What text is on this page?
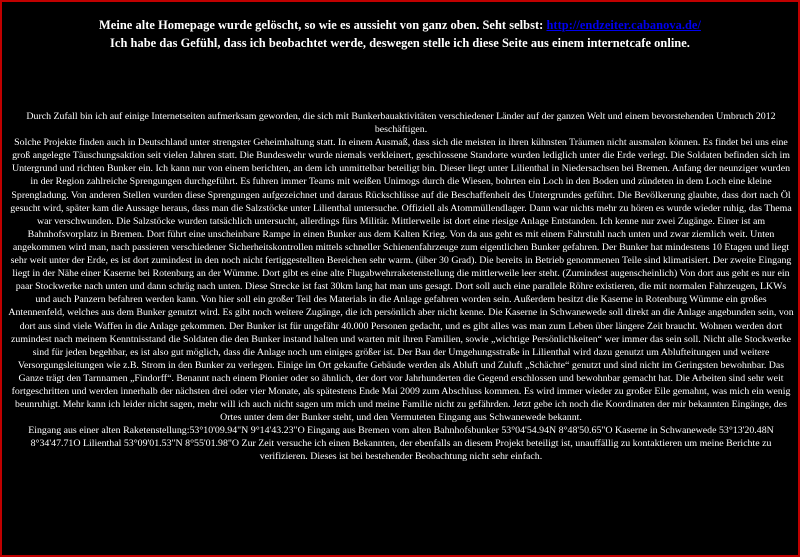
Meine alte Homepage wurde gelöscht, so wie es aussieht von ganz oben. Seht selbst: http://endzeiter.cabanova.de/
Ich habe das Gefühl, dass ich beobachtet werde, deswegen stelle ich diese Seite aus einem internetcafe online.

Durch Zufall bin ich auf einige Internetseiten aufmerksam geworden, die sich mit Bunkerbauaktivitäten verschiedener Länder auf der ganzen Welt und einem bevorstehenden Umbruch 2012 beschäftigen.

Solche Projekte finden auch in Deutschland unter strengster Geheimhaltung statt. In einem Ausmaß, dass sich die meisten in ihren kühnsten Träumen nicht ausmalen können. Es findet bei uns eine groß angelegte Täuschungsaktion seit vielen Jahren statt. Die Bundeswehr wurde niemals verkleinert, geschlossene Standorte wurden lediglich unter die Erde verlegt. Die Soldaten befinden sich im Untergrund und richten Bunker ein. Ich kann nur von einem berichten, an dem ich unmittelbar beteiligt bin. Dieser liegt unter Lilienthal in Niedersachsen bei Bremen. Anfang der neunziger wurden in der Region zahlreiche Sprengungen durchgeführt. Es fuhren immer Teams mit weißen Unimogs durch die Wiesen, bohrten ein Loch in den Boden und zündeten in dem Loch eine kleine Sprengladung. Von anderen Stellen wurden diese Sprengungen aufgezeichnet und daraus Rückschlüsse auf die Beschaffenheit des Untergrundes geführt. Die Bevölkerung glaubte, dass dort nach Öl gesucht wird, später kam die Aussage heraus, dass man die Salzstöcke unter Lilienthal untersuche. Offiziell als Atommüllendlager. Dann war nichts mehr zu hören es wurde wieder ruhig, das Thema war verschwunden. Die Salzstöcke wurden tatsächlich untersucht, allerdings fürs Militär. Mittlerweile ist dort eine riesige Anlage Entstanden. Ich kenne nur zwei Zugänge. Einer ist am Bahnhofsvorplatz in Bremen. Dort führt eine unscheinbare Rampe in einen Bunker aus dem Kalten Krieg. Von da aus geht es mit einem Fahrstuhl nach unten und zwar ziemlich weit. Unten angekommen wird man, nach passieren verschiedener Sicherheitskontrollen mittels schneller Schienenfahrzeuge zum eigentlichen Bunker gefahren. Der Bunker hat mindestens 10 Etagen und liegt sehr weit unter der Erde, es ist dort zumindest in den noch nicht fertiggestellten Bereichen sehr warm. (über 30 Grad). Die bereits in Betrieb genommenen Teile sind klimatisiert. Der zweite Eingang liegt in der Nähe einer Kaserne bei Rotenburg an der Wümme. Dort gibt es eine alte Flugabwehrraketenstellung die mittlerweile leer steht. (Zumindest augenscheinlich) Von dort aus geht es nur ein paar Stockwerke nach unten und dann schräg nach unten. Diese Strecke ist fast 30km lang hat man uns gesagt. Dort soll auch eine parallele Röhre existieren, die mit normalen Fahrzeugen, LKWs und auch Panzern befahren werden kann. Von hier soll ein großer Teil des Materials in die Anlage gefahren worden sein. Außerdem besitzt die Kaserne in Rotenburg Wümme ein großes Antennenfeld, welches aus dem Bunker genutzt wird. Es gibt noch weitere Zugänge, die ich persönlich aber nicht kenne. Die Kaserne in Schwanewede soll direkt an die Anlage angebunden sein, von dort aus sind viele Waffen in die Anlage gekommen. Der Bunker ist für ungefähr 40.000 Personen gedacht, und es gibt alles was man zum Leben über längere Zeit braucht. Wohnen werden dort zumindest nach meinem Kenntnisstand die Soldaten die den Bunker instand halten und warten mit ihren Familien, sowie „wichtige Persönlichkeiten“ wer immer das sein soll. Nicht alle Stockwerke sind für jeden begehbar, es ist also gut möglich, dass die Anlage noch um einiges größer ist. Der Bau der Umgehungsstraße in Lilienthal wird dazu genutzt um Ablufteitungen und weitere Versorgungsleitungen wie z.B. Strom in den Bunker zu verlegen. Einige im Ort gekaufte Gebäude werden als Abluft und Zuluft „Schächte“ genutzt und sind nicht im Geringsten bewohnbar. Das Ganze trägt den Tarnnamen „Findorff“. Benannt nach einem Pionier oder so ähnlich, der dort vor Jahrhunderten die Gegend erschlossen und bewohnbar gemacht hat. Die Arbeiten sind sehr weit fortgeschritten und werden innerhalb der nächsten drei oder vier Monate, als spätestens Ende Mai 2009 zum Abschluss kommen. Es wird immer wieder zu großer Eile gemahnt, was mich ein wenig beunruhigt. Mehr kann ich leider nicht sagen, mehr will ich auch nicht sagen um mich und meine Familie nicht zu gefährden. Jetzt gebe ich noch die Koordinaten der mir bekannten Eingänge, des Ortes unter dem der Bunker steht, und den Vermuteten Eingang aus Schwanewede bekannt.

Eingang aus einer alten Raketenstellung:53°10'09.94"N 9°14'43.23"O Eingang aus Bremen vom alten Bahnhofsbunker 53°04'54.94N 8°48'50.65"O Kaserne in Schwanewede 53°13'20.48N 8°34'47.71O Lilienthal 53°09'01.53"N 8°55'01.98"O Zur Zeit versuche ich einen Bekannten, der ebenfalls an diesem Projekt beteiligt ist, unauffällig zu kontaktieren um meine Berichte zu verifizieren. Dieses ist bei bestehender Beobachtung nicht sehr einfach.
